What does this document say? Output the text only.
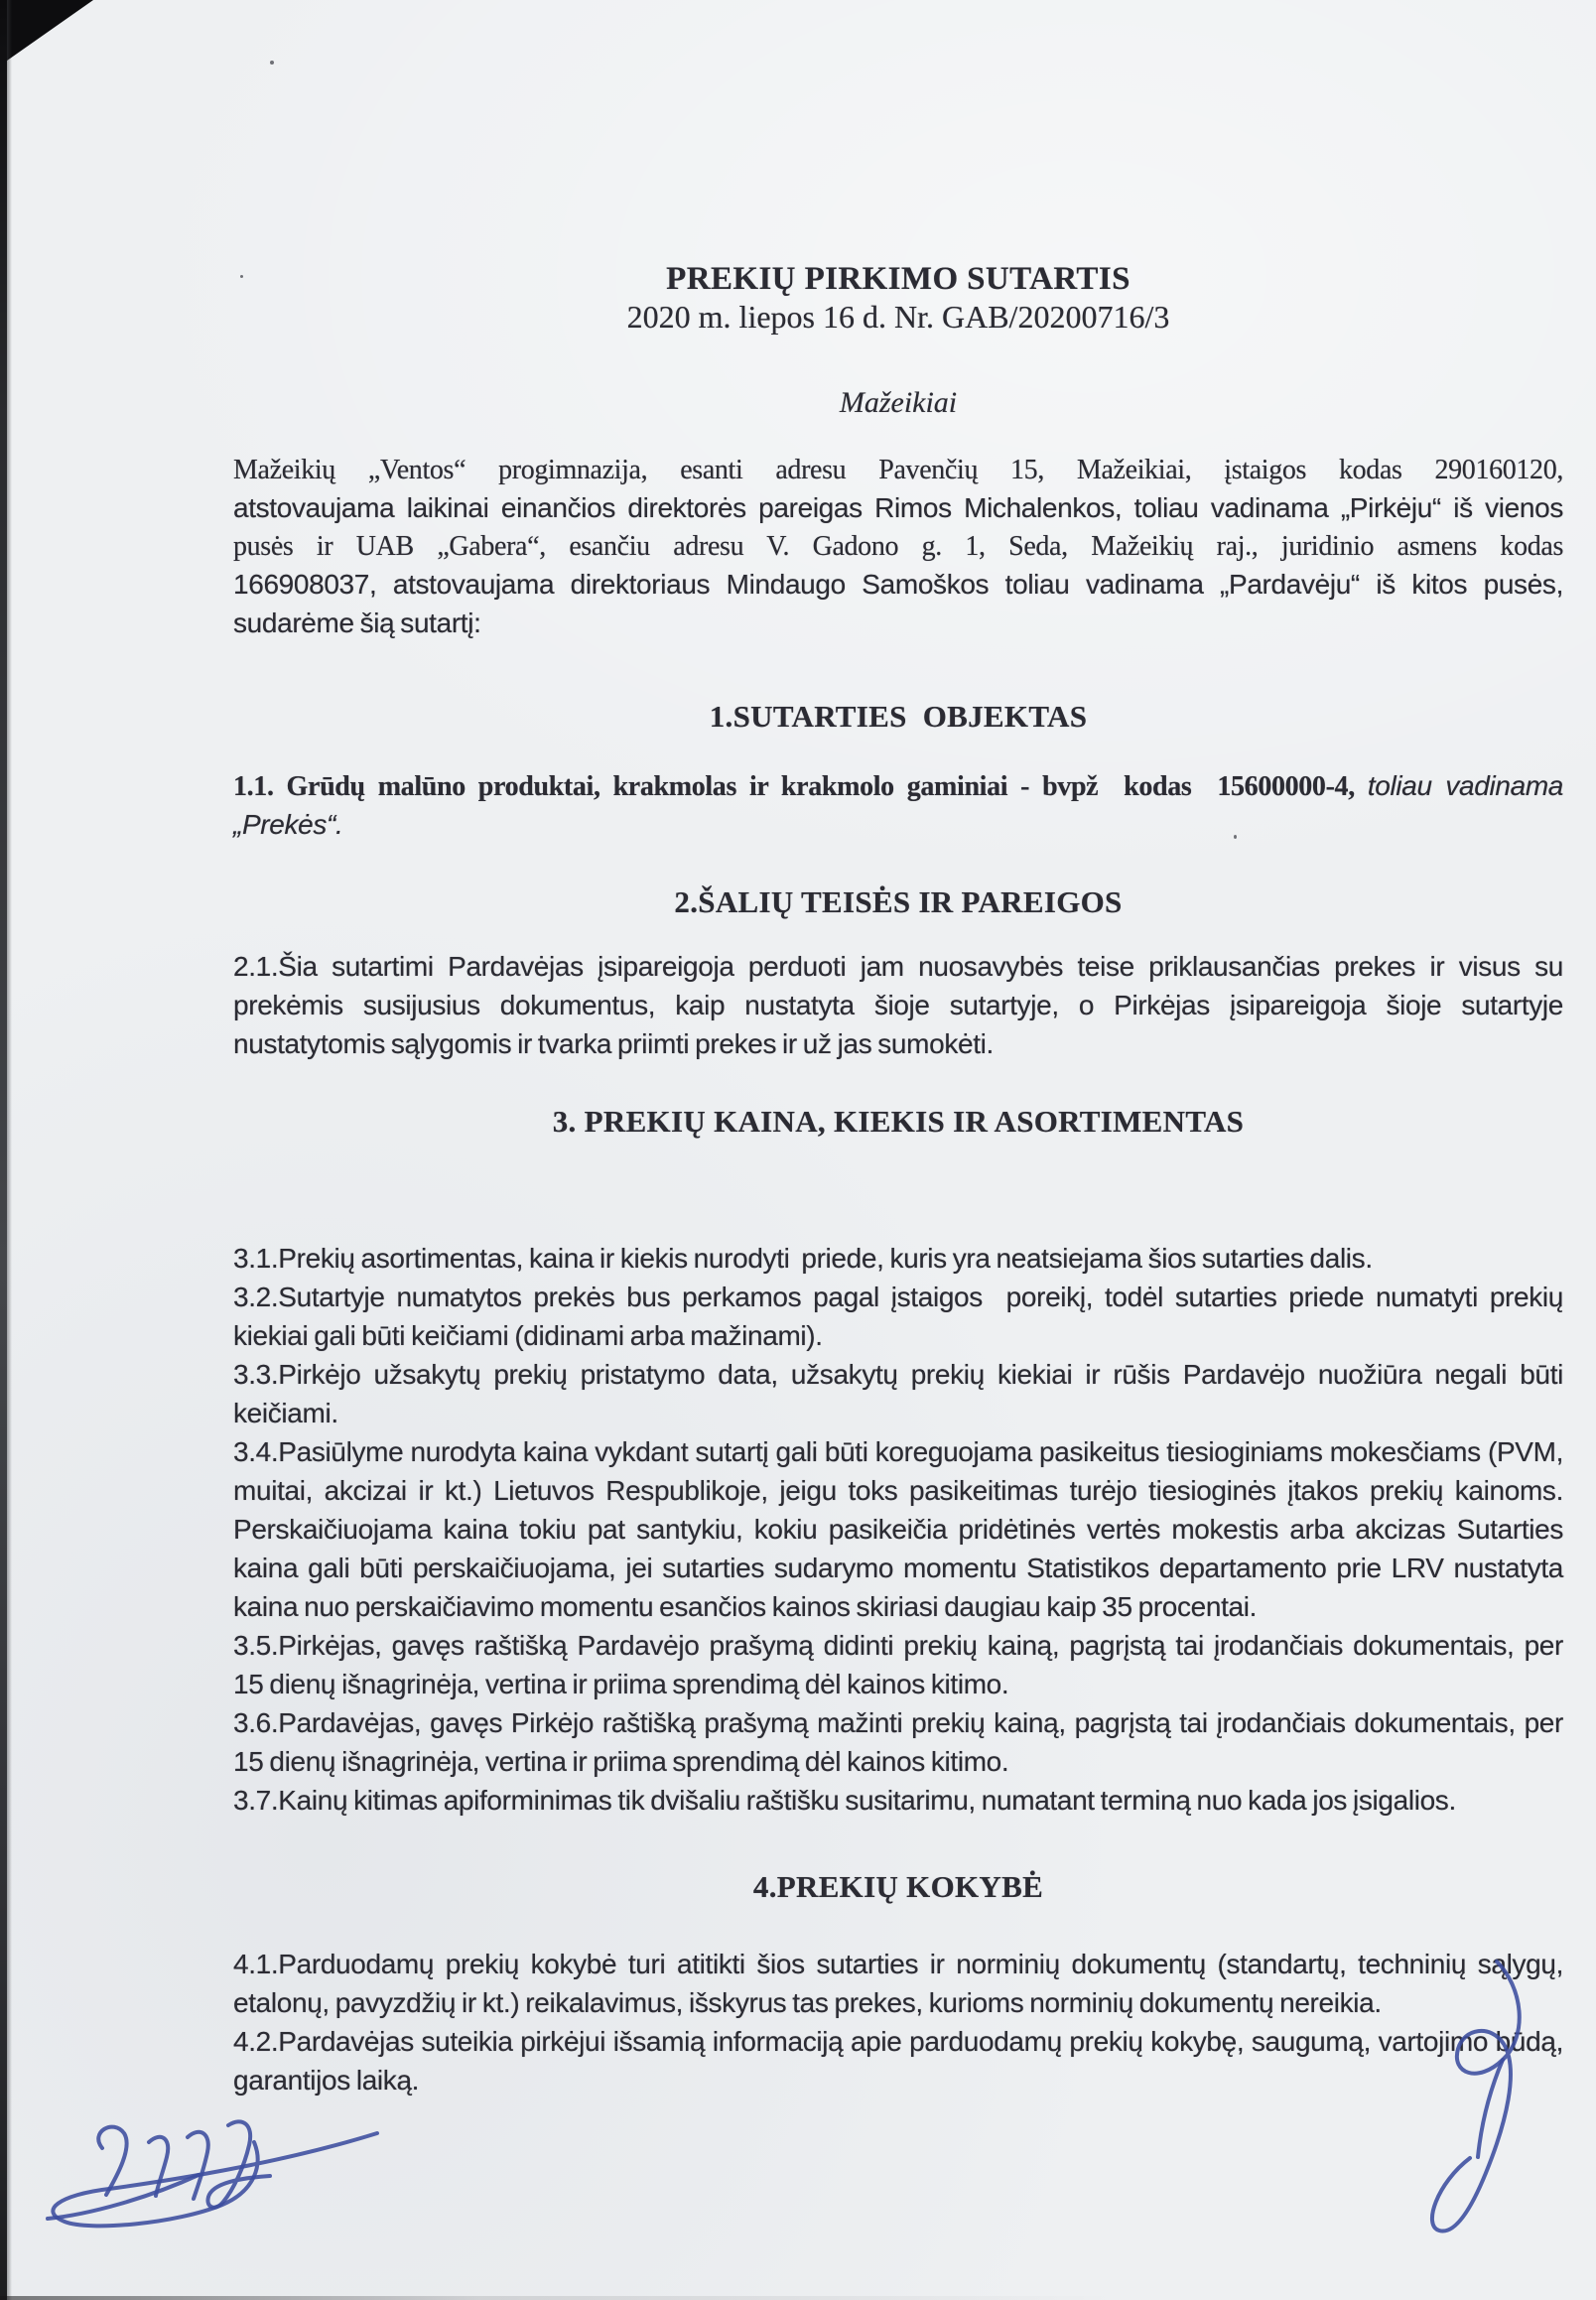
PREKIŲ PIRKIMO SUTARTIS
2020 m. liepos 16 d. Nr. GAB/20200716/3
Mažeikiai
Mažeikių „Ventos“ progimnazija, esanti adresu Pavenčių 15, Mažeikiai, įstaigos kodas 290160120,
atstovaujama laikinai einančios direktorės pareigas Rimos Michalenkos, toliau vadinama „Pirkėju“ iš vienos
pusės ir UAB „Gabera“, esančiu adresu V. Gadono g. 1, Seda, Mažeikių raj., juridinio asmens kodas
166908037, atstovaujama direktoriaus Mindaugo Samoškos toliau vadinama „Pardavėju“ iš kitos pusės,
sudarėme šią sutartį:
1.SUTARTIES  OBJEKTAS
1.1. Grūdų malūno produktai, krakmolas ir krakmolo gaminiai - bvpž  kodas  15600000-4, toliau vadinama
„Prekės“.
2.ŠALIŲ TEISĖS IR PAREIGOS
2.1.Šia sutartimi Pardavėjas įsipareigoja perduoti jam nuosavybės teise priklausančias prekes ir visus su
prekėmis susijusius dokumentus, kaip nustatyta šioje sutartyje, o Pirkėjas įsipareigoja šioje sutartyje
nustatytomis sąlygomis ir tvarka priimti prekes ir už jas sumokėti.
3. PREKIŲ KAINA, KIEKIS IR ASORTIMENTAS
3.1.Prekių asortimentas, kaina ir kiekis nurodyti  priede, kuris yra neatsiejama šios sutarties dalis.
3.2.Sutartyje numatytos prekės bus perkamos pagal įstaigos  poreikį, todėl sutarties priede numatyti prekių
kiekiai gali būti keičiami (didinami arba mažinami).
3.3.Pirkėjo užsakytų prekių pristatymo data, užsakytų prekių kiekiai ir rūšis Pardavėjo nuožiūra negali būti
keičiami.
3.4.Pasiūlyme nurodyta kaina vykdant sutartį gali būti koreguojama pasikeitus tiesioginiams mokesčiams (PVM,
muitai, akcizai ir kt.) Lietuvos Respublikoje, jeigu toks pasikeitimas turėjo tiesioginės įtakos prekių kainoms.
Perskaičiuojama kaina tokiu pat santykiu, kokiu pasikeičia pridėtinės vertės mokestis arba akcizas Sutarties
kaina gali būti perskaičiuojama, jei sutarties sudarymo momentu Statistikos departamento prie LRV nustatyta
kaina nuo perskaičiavimo momentu esančios kainos skiriasi daugiau kaip 35 procentai.
3.5.Pirkėjas, gavęs raštišką Pardavėjo prašymą didinti prekių kainą, pagrįstą tai įrodančiais dokumentais, per
15 dienų išnagrinėja, vertina ir priima sprendimą dėl kainos kitimo.
3.6.Pardavėjas, gavęs Pirkėjo raštišką prašymą mažinti prekių kainą, pagrįstą tai įrodančiais dokumentais, per
15 dienų išnagrinėja, vertina ir priima sprendimą dėl kainos kitimo.
3.7.Kainų kitimas apiforminimas tik dvišaliu raštišku susitarimu, numatant terminą nuo kada jos įsigalios.
4.PREKIŲ KOKYBĖ
4.1.Parduodamų prekių kokybė turi atitikti šios sutarties ir norminių dokumentų (standartų, techninių sąlygų,
etalonų, pavyzdžių ir kt.) reikalavimus, išskyrus tas prekes, kurioms norminių dokumentų nereikia.
4.2.Pardavėjas suteikia pirkėjui išsamią informaciją apie parduodamų prekių kokybę, saugumą, vartojimo būdą,
garantijos laiką.
